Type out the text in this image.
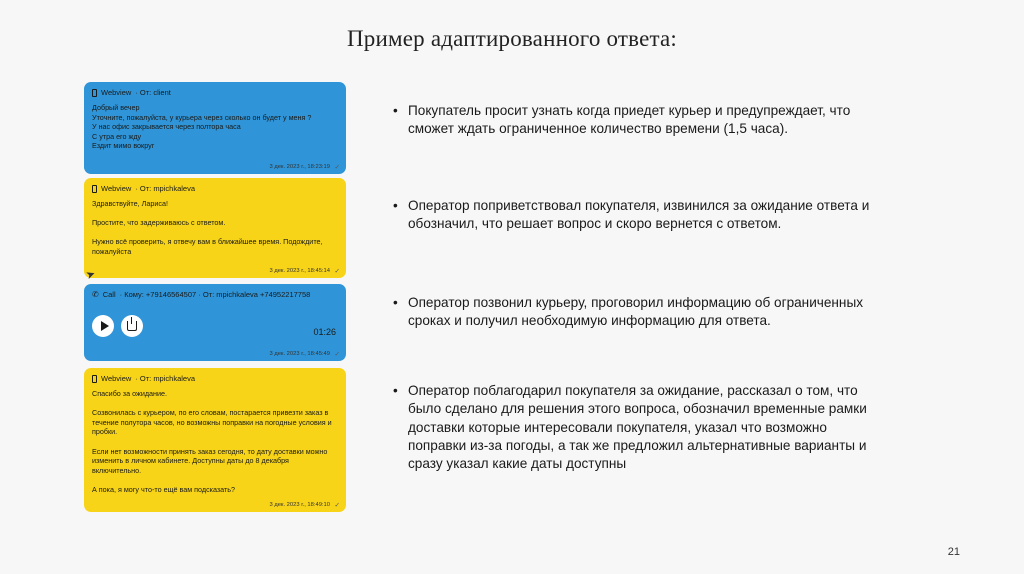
Пример адаптированного ответа:
Webview · От: client
Добрый вечер
Уточните, пожалуйста, у курьера через сколько он будет у меня ?
У нас офис закрывается через полтора часа
С утра его жду
Ездит мимо вокруг
3 дек. 2023 г., 18:23:19 ✓
Webview · От: mpichkaleva
Здравствуйте, Лариса!

Простите, что задерживаюсь с ответом.

Нужно всё проверить, я отвечу вам в ближайшее время. Подождите, пожалуйста
3 дек. 2023 г., 18:45:14 ✓
✆ Call · Кому: +79146564507 · От: mpichkaleva +74952217758
01:26
3 дек. 2023 г., 18:45:49 ✓
Webview · От: mpichkaleva
Спасибо за ожидание.

Созвонилась с курьером, по его словам, постарается привезти заказ в течение полутора часов, но возможны поправки на погодные условия и пробки.

Если нет возможности принять заказ сегодня, то дату доставки можно изменить в личном кабинете. Доступны даты до 8 декабря включительно.

А пока, я могу что-то ещё вам подсказать?
3 дек. 2023 г., 18:49:10 ✓
➤
• Покупатель просит узнать когда приедет курьер и предупреждает, что сможет ждать ограниченное количество времени (1,5 часа).
• Оператор поприветствовал покупателя, извинился за ожидание ответа и обозначил, что решает вопрос и скоро вернется с ответом.
• Оператор позвонил курьеру, проговорил информацию об ограниченных сроках и получил необходимую информацию для ответа.
• Оператор поблагодарил покупателя за ожидание, рассказал о том, что было сделано для решения этого вопроса, обозначил временные рамки доставки которые интересовали покупателя, указал что возможно поправки из-за погоды, а так же предложил альтернативные варианты и сразу указал какие даты доступны
21
